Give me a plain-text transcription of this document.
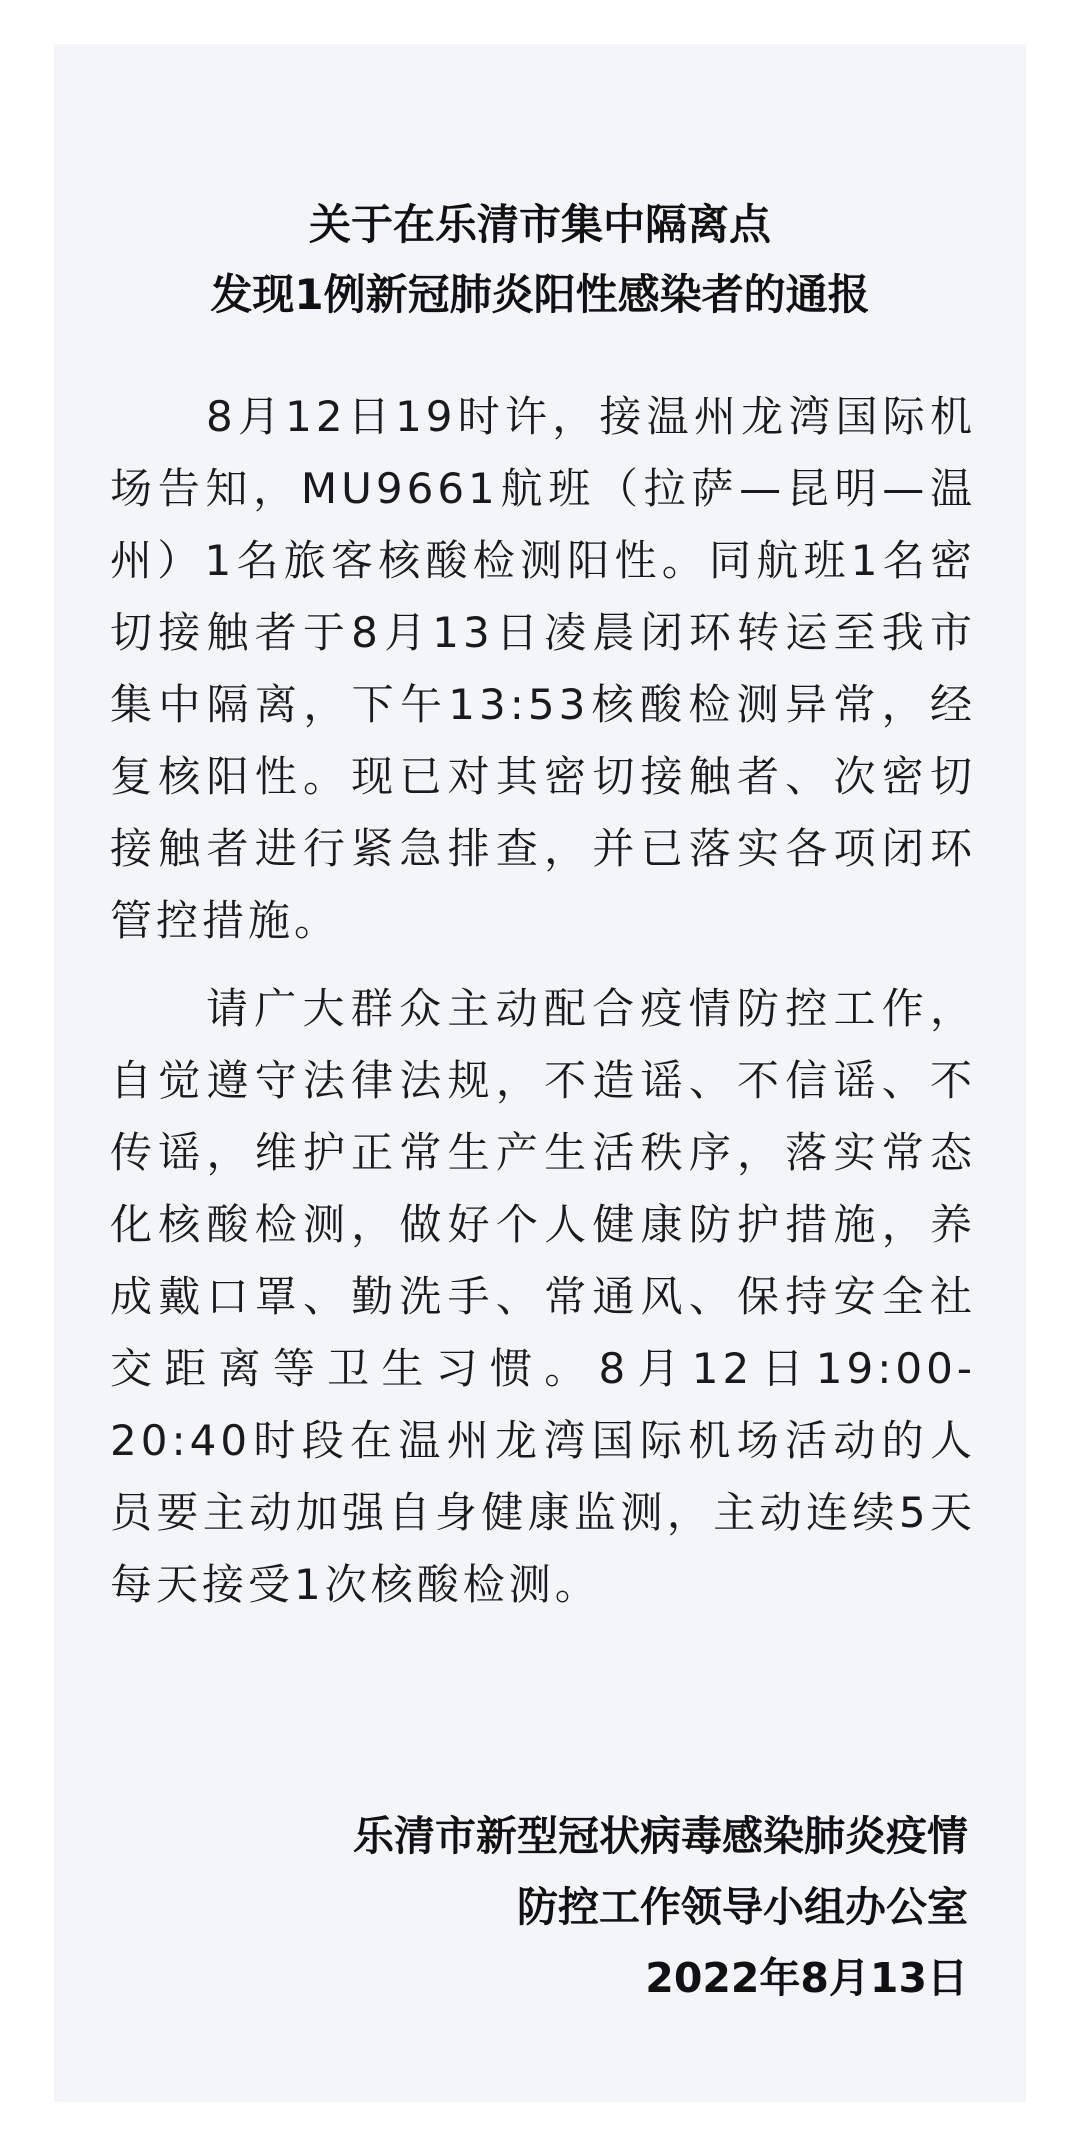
关于在乐清市集中隔离点
发现1例新冠肺炎阳性感染者的通报

8月12日19时许，接温州龙湾国际机场告知，MU9661航班（拉萨—昆明—温州）1名旅客核酸检测阳性。同航班1名密切接触者于8月13日凌晨闭环转运至我市集中隔离，下午13:53核酸检测异常，经复核阳性。现已对其密切接触者、次密切接触者进行紧急排查，并已落实各项闭环管控措施。

请广大群众主动配合疫情防控工作，自觉遵守法律法规，不造谣、不信谣、不传谣，维护正常生产生活秩序，落实常态化核酸检测，做好个人健康防护措施，养成戴口罩、勤洗手、常通风、保持安全社交距离等卫生习惯。8月12日19:00-20:40时段在温州龙湾国际机场活动的人员要主动加强自身健康监测，主动连续5天每天接受1次核酸检测。

乐清市新型冠状病毒感染肺炎疫情
防控工作领导小组办公室
2022年8月13日
